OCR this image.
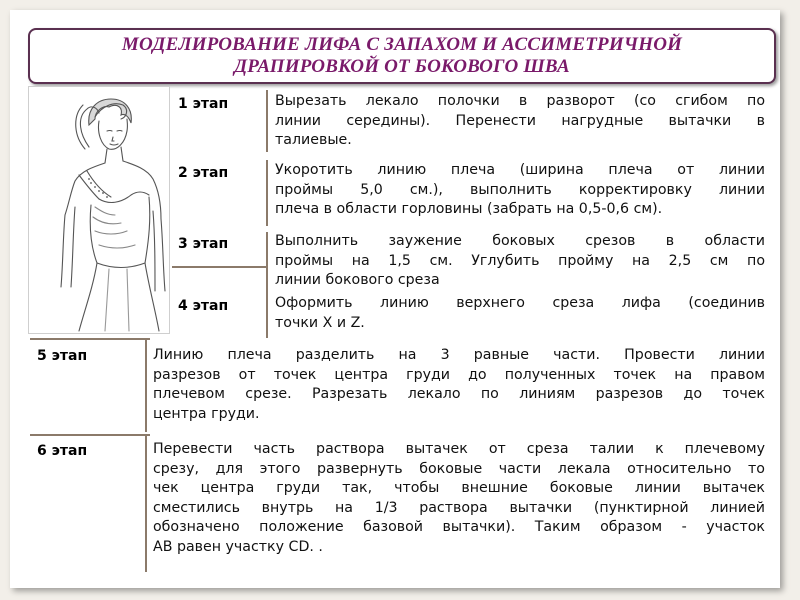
МОДЕЛИРОВАНИЕ ЛИФА С ЗАПАХОМ И АССИМЕТРИЧНОЙ
ДРАПИРОВКОЙ ОТ БОКОВОГО ШВА
1 этап	Вырезать лекало полочки в разворот (со сгибом по
линии середины). Перенести нагрудные вытачки в
талиевые.
2 этап	Укоротить линию плеча (ширина плеча от линии
проймы 5,0 см.), выполнить корректировку линии
плеча в области горловины (забрать на 0,5-0,6 см).
3 этап	Выполнить заужение боковых срезов в области
проймы на 1,5 см. Углубить пройму на 2,5 см по
линии бокового среза
4 этап	Оформить линию верхнего среза лифа (соединив
точки X и Z.
5 этап	Линию плеча разделить на 3 равные части. Провести линии
разрезов от точек центра груди до полученных точек на правом
плечевом срезе. Разрезать лекало по линиям разрезов до точек
центра груди.
6 этап	Перевести часть раствора вытачек от среза талии к плечевому
срезу, для этого развернуть боковые части лекала относительно то
чек центра груди так, чтобы внешние боковые линии вытачек
сместились внутрь на 1/3 раствора вытачки (пунктирной линией
обозначено положение базовой вытачки). Таким образом - участок
АВ равен участку CD. .
